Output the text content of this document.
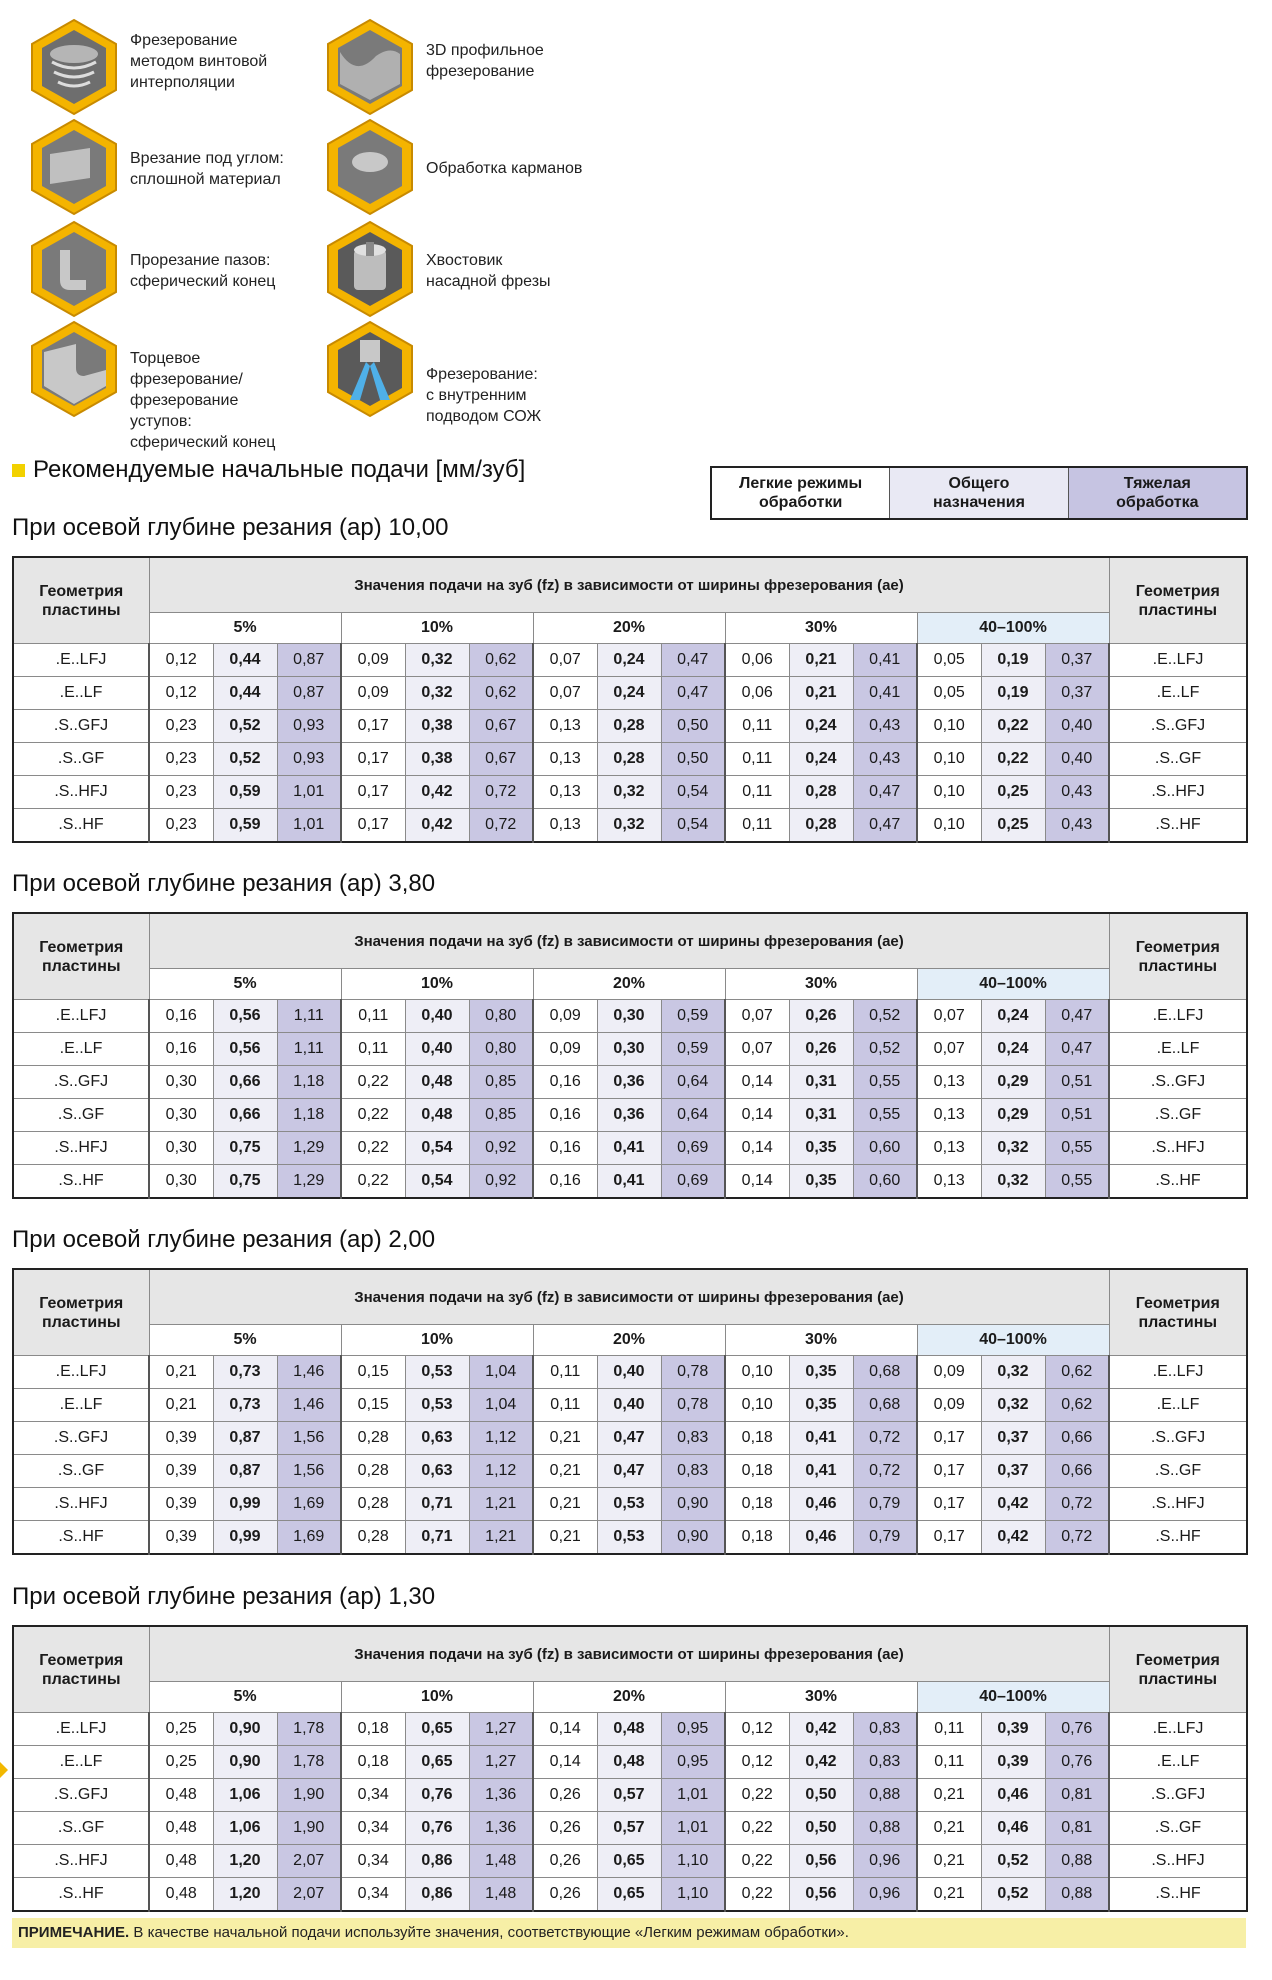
Фрезерование
методом винтовой
интерполяции
3D профильное
фрезерование
Врезание под углом:
сплошной материал
Обработка карманов
Прорезание пазов:
сферический конец
Хвостовик
насадной фрезы
Торцевое
фрезерование/
фрезерование
уступов:
сферический конец
Фрезерование:
с внутренним
подводом СОЖ
Рекомендуемые начальные подачи [мм/зуб]
Легкие режимы
обработки
Общего
назначения
Тяжелая
обработка
При осевой глубине резания (ap) 10,00
Геометрия
пластины	Значения подачи на зуб (fz) в зависимости от ширины фрезерования (ae)															Геометрия
пластины
	5%			10%			20%			30%			40–100%			
.E..LFJ	0,12	0,44	0,87	0,09	0,32	0,62	0,07	0,24	0,47	0,06	0,21	0,41	0,05	0,19	0,37	.E..LFJ
.E..LF	0,12	0,44	0,87	0,09	0,32	0,62	0,07	0,24	0,47	0,06	0,21	0,41	0,05	0,19	0,37	.E..LF
.S..GFJ	0,23	0,52	0,93	0,17	0,38	0,67	0,13	0,28	0,50	0,11	0,24	0,43	0,10	0,22	0,40	.S..GFJ
.S..GF	0,23	0,52	0,93	0,17	0,38	0,67	0,13	0,28	0,50	0,11	0,24	0,43	0,10	0,22	0,40	.S..GF
.S..HFJ	0,23	0,59	1,01	0,17	0,42	0,72	0,13	0,32	0,54	0,11	0,28	0,47	0,10	0,25	0,43	.S..HFJ
.S..HF	0,23	0,59	1,01	0,17	0,42	0,72	0,13	0,32	0,54	0,11	0,28	0,47	0,10	0,25	0,43	.S..HF
При осевой глубине резания (ap) 3,80
Геометрия
пластины	Значения подачи на зуб (fz) в зависимости от ширины фрезерования (ae)															Геометрия
пластины
	5%			10%			20%			30%			40–100%			
.E..LFJ	0,16	0,56	1,11	0,11	0,40	0,80	0,09	0,30	0,59	0,07	0,26	0,52	0,07	0,24	0,47	.E..LFJ
.E..LF	0,16	0,56	1,11	0,11	0,40	0,80	0,09	0,30	0,59	0,07	0,26	0,52	0,07	0,24	0,47	.E..LF
.S..GFJ	0,30	0,66	1,18	0,22	0,48	0,85	0,16	0,36	0,64	0,14	0,31	0,55	0,13	0,29	0,51	.S..GFJ
.S..GF	0,30	0,66	1,18	0,22	0,48	0,85	0,16	0,36	0,64	0,14	0,31	0,55	0,13	0,29	0,51	.S..GF
.S..HFJ	0,30	0,75	1,29	0,22	0,54	0,92	0,16	0,41	0,69	0,14	0,35	0,60	0,13	0,32	0,55	.S..HFJ
.S..HF	0,30	0,75	1,29	0,22	0,54	0,92	0,16	0,41	0,69	0,14	0,35	0,60	0,13	0,32	0,55	.S..HF
При осевой глубине резания (ap) 2,00
Геометрия
пластины	Значения подачи на зуб (fz) в зависимости от ширины фрезерования (ae)															Геометрия
пластины
	5%			10%			20%			30%			40–100%			
.E..LFJ	0,21	0,73	1,46	0,15	0,53	1,04	0,11	0,40	0,78	0,10	0,35	0,68	0,09	0,32	0,62	.E..LFJ
.E..LF	0,21	0,73	1,46	0,15	0,53	1,04	0,11	0,40	0,78	0,10	0,35	0,68	0,09	0,32	0,62	.E..LF
.S..GFJ	0,39	0,87	1,56	0,28	0,63	1,12	0,21	0,47	0,83	0,18	0,41	0,72	0,17	0,37	0,66	.S..GFJ
.S..GF	0,39	0,87	1,56	0,28	0,63	1,12	0,21	0,47	0,83	0,18	0,41	0,72	0,17	0,37	0,66	.S..GF
.S..HFJ	0,39	0,99	1,69	0,28	0,71	1,21	0,21	0,53	0,90	0,18	0,46	0,79	0,17	0,42	0,72	.S..HFJ
.S..HF	0,39	0,99	1,69	0,28	0,71	1,21	0,21	0,53	0,90	0,18	0,46	0,79	0,17	0,42	0,72	.S..HF
При осевой глубине резания (ap) 1,30
Геометрия
пластины	Значения подачи на зуб (fz) в зависимости от ширины фрезерования (ae)															Геометрия
пластины
	5%			10%			20%			30%			40–100%			
.E..LFJ	0,25	0,90	1,78	0,18	0,65	1,27	0,14	0,48	0,95	0,12	0,42	0,83	0,11	0,39	0,76	.E..LFJ
.E..LF	0,25	0,90	1,78	0,18	0,65	1,27	0,14	0,48	0,95	0,12	0,42	0,83	0,11	0,39	0,76	.E..LF
.S..GFJ	0,48	1,06	1,90	0,34	0,76	1,36	0,26	0,57	1,01	0,22	0,50	0,88	0,21	0,46	0,81	.S..GFJ
.S..GF	0,48	1,06	1,90	0,34	0,76	1,36	0,26	0,57	1,01	0,22	0,50	0,88	0,21	0,46	0,81	.S..GF
.S..HFJ	0,48	1,20	2,07	0,34	0,86	1,48	0,26	0,65	1,10	0,22	0,56	0,96	0,21	0,52	0,88	.S..HFJ
.S..HF	0,48	1,20	2,07	0,34	0,86	1,48	0,26	0,65	1,10	0,22	0,56	0,96	0,21	0,52	0,88	.S..HF
ПРИМЕЧАНИЕ. В качестве начальной подачи используйте значения, соответствующие «Легким режимам обработки».
